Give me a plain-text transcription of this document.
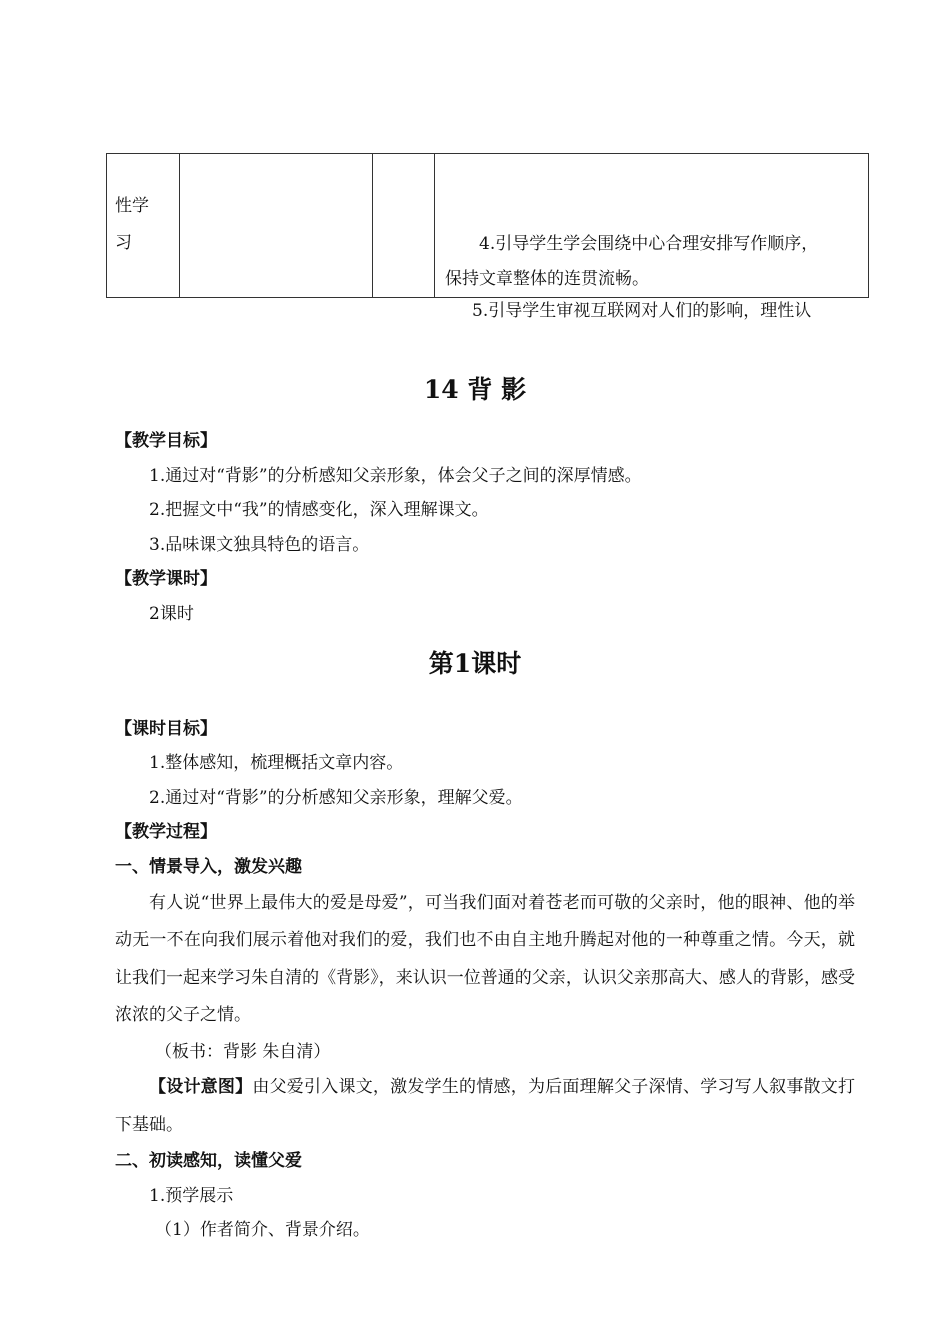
性学
习			4.引导学生学会围绕中心合理安排写作顺序，
保持文章整体的连贯流畅。
5.引导学生审视互联网对人们的影响，理性认
14 背 影
【教学目标】
1.通过对“背影”的分析感知父亲形象，体会父子之间的深厚情感。
2.把握文中“我”的情感变化，深入理解课文。
3.品味课文独具特色的语言。
【教学课时】
2课时
【课时目标】
1.整体感知，梳理概括文章内容。
2.通过对“背影”的分析感知父亲形象，理解父爱。
【教学过程】
一、情景导入，激发兴趣
有人说“世界上最伟大的爱是母爱”，可当我们面对着苍老而可敬的父亲时，他的眼神、他的举动无一不在向我们展示着他对我们的爱，我们也不由自主地升腾起对他的一种尊重之情。今天，就让我们一起来学习朱自清的《背影》，来认识一位普通的父亲，认识父亲那高大、感人的背影，感受浓浓的父子之情。
（板书：背影 朱自清）
【设计意图】由父爱引入课文，激发学生的情感，为后面理解父子深情、学习写人叙事散文打下基础。
二、初读感知，读懂父爱
1.预学展示
（1）作者简介、背景介绍。
第1课时
